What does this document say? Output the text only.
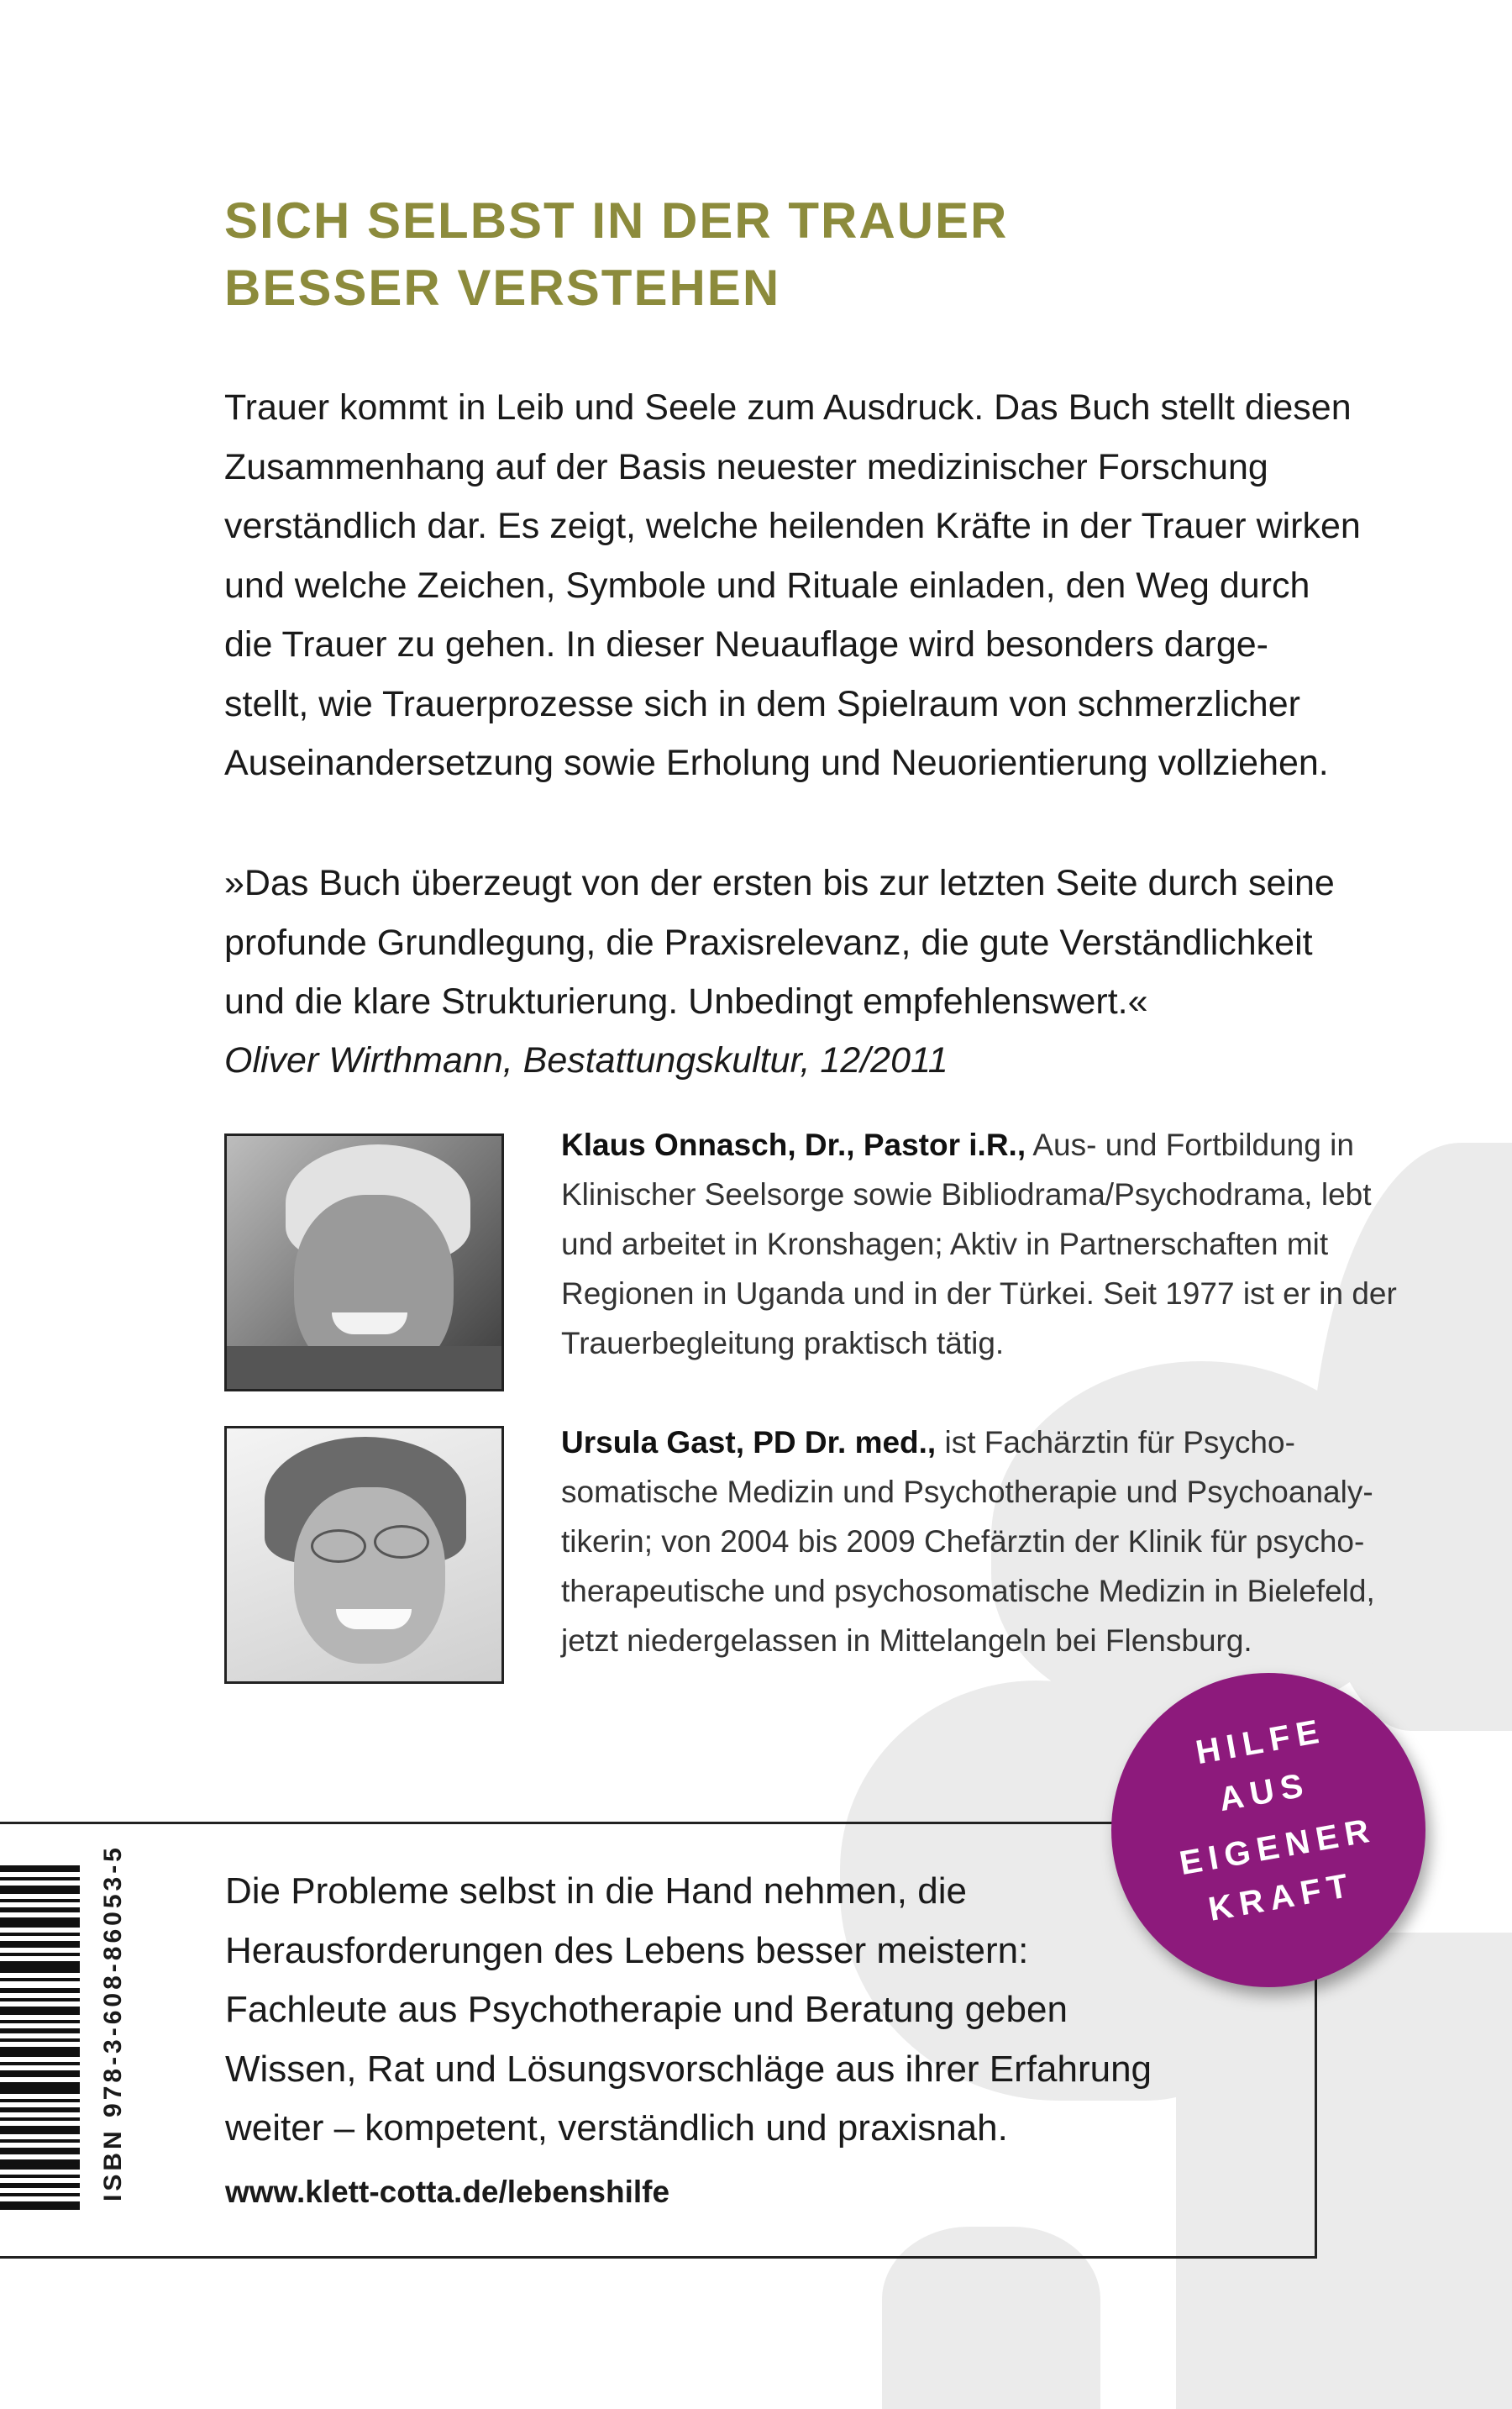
SICH SELBST IN DER TRAUER
BESSER VERSTEHEN
Trauer kommt in Leib und Seele zum Ausdruck. Das Buch stellt diesen
Zusammenhang auf der Basis neuester medizinischer Forschung
verständlich dar. Es zeigt, welche heilenden Kräfte in der Trauer wirken
und welche Zeichen, Symbole und Rituale einladen, den Weg durch
die Trauer zu gehen. In dieser Neuauflage wird besonders darge-
stellt, wie Trauerprozesse sich in dem Spielraum von schmerzlicher
Auseinandersetzung sowie Erholung und Neuorientierung vollziehen.
»Das Buch überzeugt von der ersten bis zur letzten Seite durch seine
profunde Grundlegung, die Praxisrelevanz, die gute Verständlichkeit
und die klare Strukturierung. Unbedingt empfehlenswert.«
Oliver Wirthmann, Bestattungskultur, 12/2011
Klaus Onnasch, Dr., Pastor i.R., Aus- und Fortbildung in
Klinischer Seelsorge sowie Bibliodrama/Psychodrama, lebt
und arbeitet in Kronshagen; Aktiv in Partnerschaften mit
Regionen in Uganda und in der Türkei. Seit 1977 ist er in der
Trauerbegleitung praktisch tätig.
Ursula Gast, PD Dr. med., ist Fachärztin für Psycho-
somatische Medizin und Psychotherapie und Psychoanaly-
tikerin; von 2004 bis 2009 Chefärztin der Klinik für psycho-
therapeutische und psychosomatische Medizin in Bielefeld,
jetzt niedergelassen in Mittelangeln bei Flensburg.
ISBN 978-3-608-86053-5	Die Probleme selbst in die Hand nehmen, die
Herausforderungen des Lebens besser meistern:
Fachleute aus Psychotherapie und Beratung geben
Wissen, Rat und Lösungsvorschläge aus ihrer Erfahrung
weiter – kompetent, verständlich und praxisnah.
www.klett-cotta.de/lebenshilfe
HILFE
AUS
EIGENER
KRAFT
